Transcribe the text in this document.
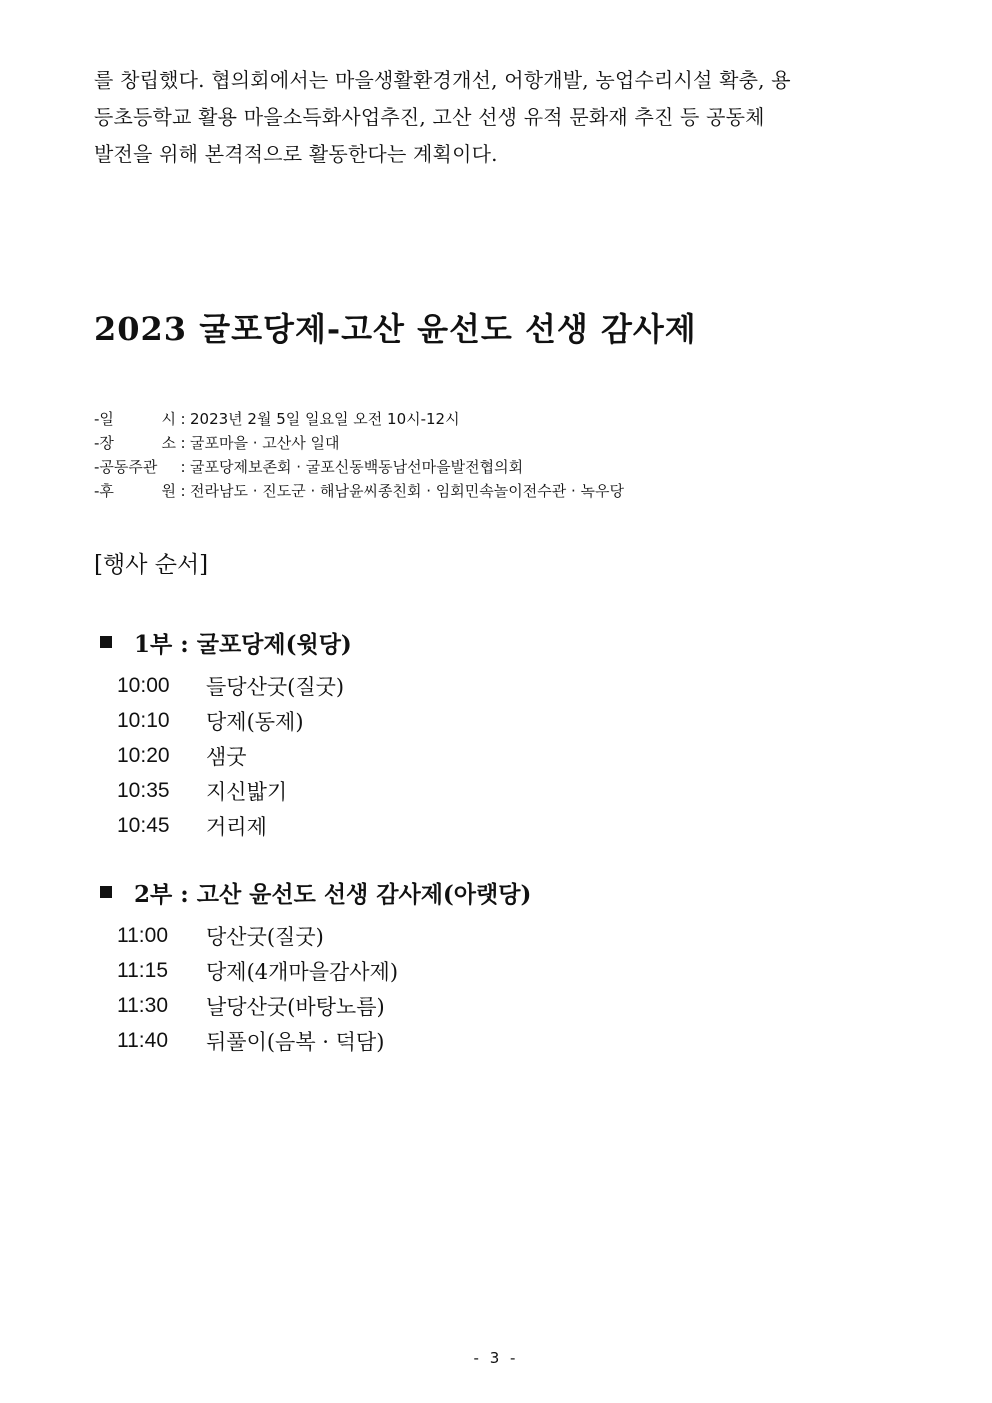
를 창립했다. 협의회에서는 마을생활환경개선, 어항개발, 농업수리시설 확충, 용

등초등학교 활용 마을소득화사업추진, 고산 선생 유적 문화재 추진 등 공동체

발전을 위해 본격적으로 활동한다는 계획이다.

2023 굴포당제-고산 윤선도 선생 감사제
-일	시 : 2023년 2월 5일 일요일 오전 10시-12시
-장	소 : 굴포마을 · 고산사 일대
-공동주관 : 굴포당제보존회 · 굴포신동백동남선마을발전협의회
-후	원 : 전라남도 · 진도군 · 해남윤씨종친회 · 임회민속놀이전수관 · 녹우당
[행사 순서]
1부 : 굴포당제(윗당)
10:00	들당산굿(질굿)
10:10	당제(동제)
10:20	샘굿
10:35	지신밟기
10:45	거리제
2부 : 고산 윤선도 선생 감사제(아랫당)
11:00	당산굿(질굿)
11:15	당제(4개마을감사제)
11:30	날당산굿(바탕노름)
11:40	뒤풀이(음복 · 덕담)
- 3 -
